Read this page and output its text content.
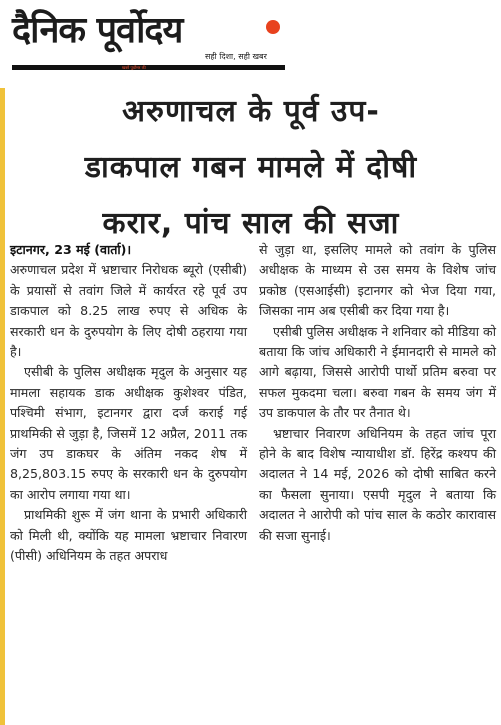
दैनिक पूर्वोदय
सही दिशा, सही खबर
खबरें पूर्वोत्तर की
अरुणाचल के पूर्व उप-
डाकपाल गबन मामले में दोषी
करार, पांच साल की सजा

इटानगर, 23 मई (वार्ता)।
अरुणाचल प्रदेश में भ्रष्टाचार निरोधक ब्यूरो (एसीबी) के प्रयासों से तवांग जिले में कार्यरत रहे पूर्व उप डाकपाल को 8.25 लाख रुपए से अधिक के सरकारी धन के दुरुपयोग के लिए दोषी ठहराया गया है।

एसीबी के पुलिस अधीक्षक मृदुल के अनुसार यह मामला सहायक डाक अधीक्षक कुशेश्वर पंडित, पश्चिमी संभाग, इटानगर द्वारा दर्ज कराई गई प्राथमिकी से जुड़ा है, जिसमें 12 अप्रैल, 2011 तक जंग उप डाकघर के अंतिम नकद शेष में 8,25,803.15 रुपए के सरकारी धन के दुरुपयोग का आरोप लगाया गया था।

प्राथमिकी शुरू में जंग थाना के प्रभारी अधिकारी को मिली थी, क्योंकि यह मामला भ्रष्टाचार निवारण (पीसी) अधिनियम के तहत अपराध

से जुड़ा था, इसलिए मामले को तवांग के पुलिस अधीक्षक के माध्यम से उस समय के विशेष जांच प्रकोष्ठ (एसआईसी) इटानगर को भेज दिया गया, जिसका नाम अब एसीबी कर दिया गया है।

एसीबी पुलिस अधीक्षक ने शनिवार को मीडिया को बताया कि जांच अधिकारी ने ईमानदारी से मामले को आगे बढ़ाया, जिससे आरोपी पार्थो प्रतिम बरुवा पर सफल मुकदमा चला। बरुवा गबन के समय जंग में उप डाकपाल के तौर पर तैनात थे।

भ्रष्टाचार निवारण अधिनियम के तहत जांच पूरा होने के बाद विशेष न्यायाधीश डॉ. हिरेंद्र कश्यप की अदालत ने 14 मई, 2026 को दोषी साबित करने का फैसला सुनाया। एसपी मृदुल ने बताया कि अदालत ने आरोपी को पांच साल के कठोर कारावास की सजा सुनाई।
